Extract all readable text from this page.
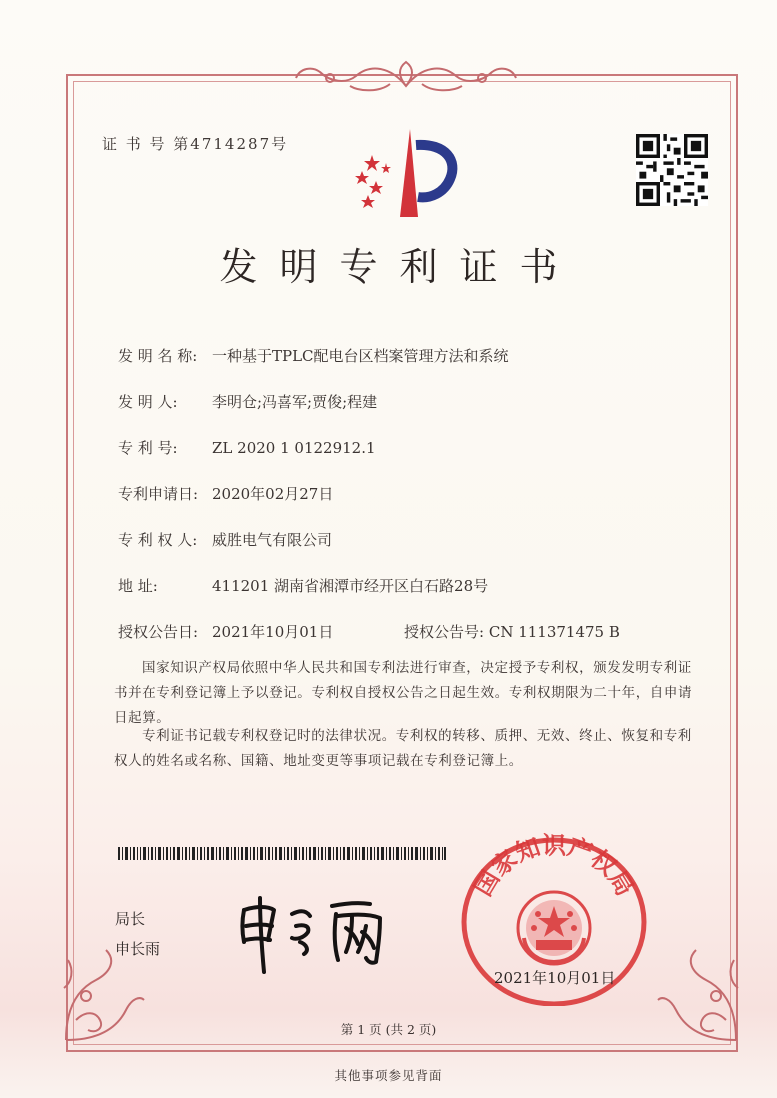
证 书 号 第4714287号
发明专利证书
发 明 名 称: 一种基于TPLC配电台区档案管理方法和系统
发 明 人: 李明仓;冯喜军;贾俊;程建
专 利 号: ZL 2020 1 0122912.1
专利申请日: 2020年02月27日
专 利 权 人: 威胜电气有限公司
地 址:	411201 湖南省湘潭市经开区白石路28号
授权公告日: 2021年10月01日	授权公告号: CN 111371475 B
国家知识产权局依照中华人民共和国专利法进行审查，决定授予专利权，颁发发明专利证书并在专利登记簿上予以登记。专利权自授权公告之日起生效。专利权期限为二十年，自申请日起算。
专利证书记载专利权登记时的法律状况。专利权的转移、质押、无效、终止、恢复和专利权人的姓名或名称、国籍、地址变更等事项记载在专利登记簿上。
局长
申长雨
国家知识产权局
2021年10月01日
第 1 页 (共 2 页)
其他事项参见背面
